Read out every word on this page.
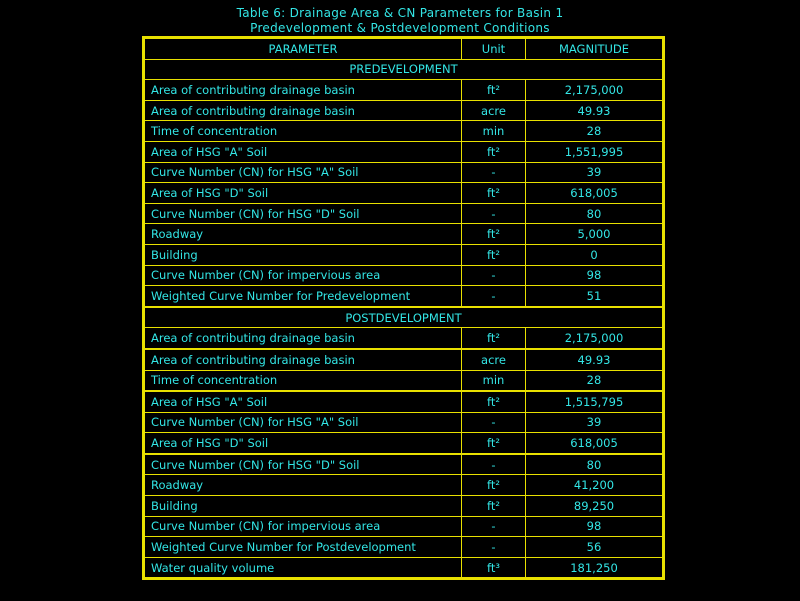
Table 6: Drainage Area & CN Parameters for Basin 1
Predevelopment & Postdevelopment Conditions
PARAMETER	Unit	MAGNITUDE
PREDEVELOPMENT		
Area of contributing drainage basin	ft²	2,175,000
Area of contributing drainage basin	acre	49.93
Time of concentration	min	28
Area of HSG "A" Soil	ft²	1,551,995
Curve Number (CN) for HSG "A" Soil	-	39
Area of HSG "D" Soil	ft²	618,005
Curve Number (CN) for HSG "D" Soil	-	80
Roadway	ft²	5,000
Building	ft²	0
Curve Number (CN) for impervious area	-	98
Weighted Curve Number for Predevelopment	-	51
POSTDEVELOPMENT		
Area of contributing drainage basin	ft²	2,175,000
Area of contributing drainage basin	acre	49.93
Time of concentration	min	28
Area of HSG "A" Soil	ft²	1,515,795
Curve Number (CN) for HSG "A" Soil	-	39
Area of HSG "D" Soil	ft²	618,005
Curve Number (CN) for HSG "D" Soil	-	80
Roadway	ft²	41,200
Building	ft²	89,250
Curve Number (CN) for impervious area	-	98
Weighted Curve Number for Postdevelopment	-	56
Water quality volume	ft³	181,250
